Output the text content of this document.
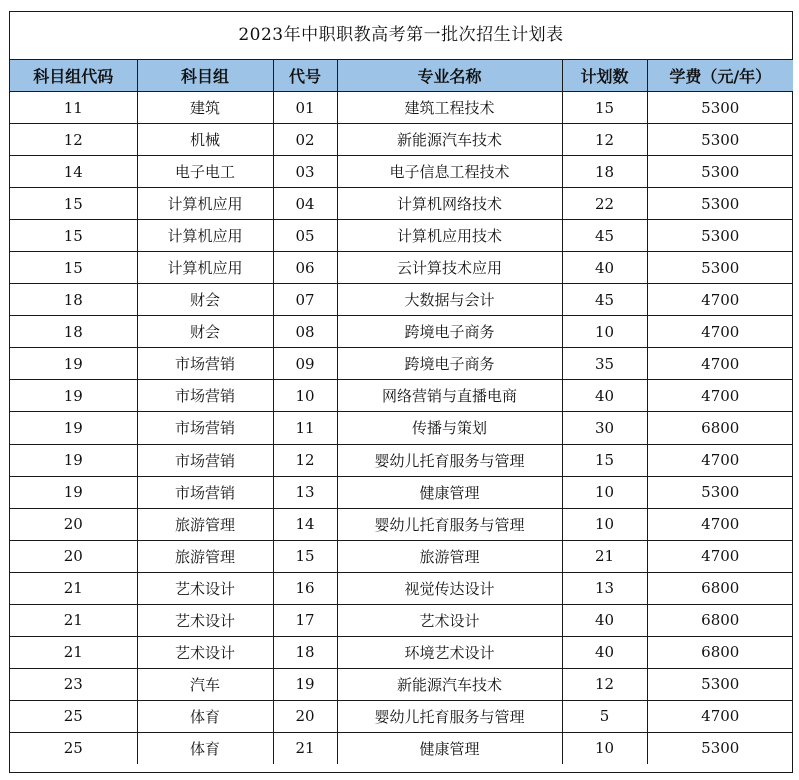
2023年中职职教高考第一批次招生计划表
科目组代码	科目组	代号	专业名称	计划数	学费（元/年）
11	建筑	01	建筑工程技术	15	5300
12	机械	02	新能源汽车技术	12	5300
14	电子电工	03	电子信息工程技术	18	5300
15	计算机应用	04	计算机网络技术	22	5300
15	计算机应用	05	计算机应用技术	45	5300
15	计算机应用	06	云计算技术应用	40	5300
18	财会	07	大数据与会计	45	4700
18	财会	08	跨境电子商务	10	4700
19	市场营销	09	跨境电子商务	35	4700
19	市场营销	10	网络营销与直播电商	40	4700
19	市场营销	11	传播与策划	30	6800
19	市场营销	12	婴幼儿托育服务与管理	15	4700
19	市场营销	13	健康管理	10	5300
20	旅游管理	14	婴幼儿托育服务与管理	10	4700
20	旅游管理	15	旅游管理	21	4700
21	艺术设计	16	视觉传达设计	13	6800
21	艺术设计	17	艺术设计	40	6800
21	艺术设计	18	环境艺术设计	40	6800
23	汽车	19	新能源汽车技术	12	5300
25	体育	20	婴幼儿托育服务与管理	5	4700
25	体育	21	健康管理	10	5300
